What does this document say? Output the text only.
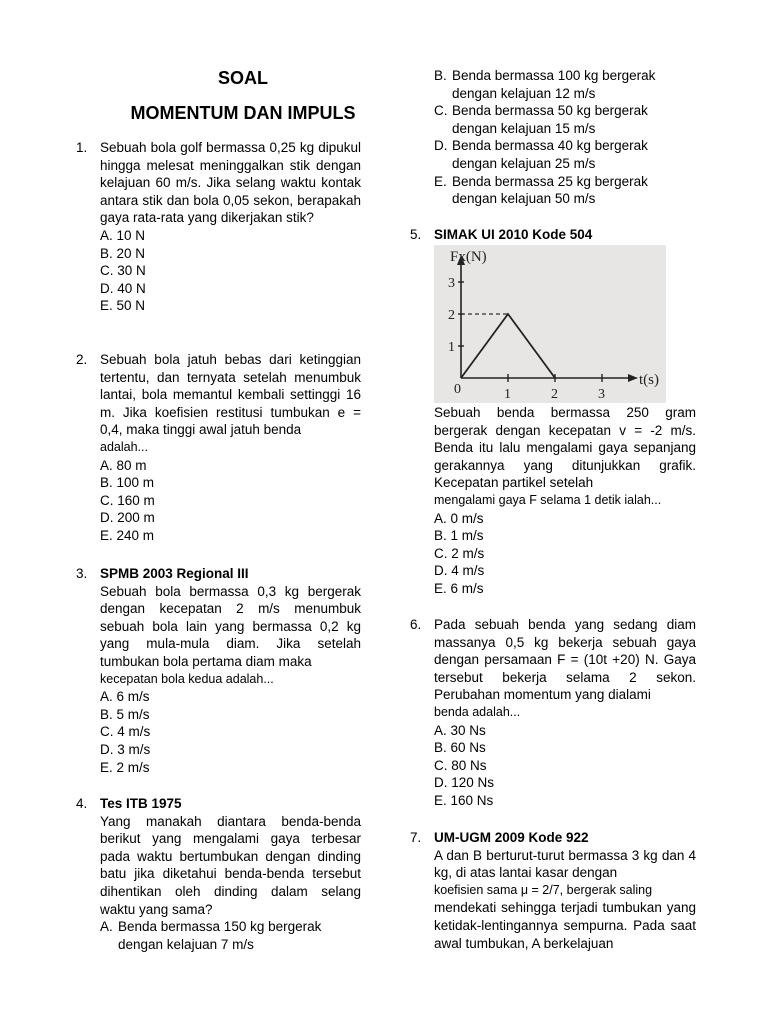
SOAL
MOMENTUM DAN IMPULS
1. Sebuah bola golf bermassa 0,25 kg dipukul hingga melesat meninggalkan stik dengan kelajuan 60 m/s. Jika selang waktu kontak antara stik dan bola 0,05 sekon, berapakah gaya rata-rata yang dikerjakan stik?
A. 10 N
B. 20 N
C. 30 N
D. 40 N
E. 50 N
2. Sebuah bola jatuh bebas dari ketinggian tertentu, dan ternyata setelah menumbuk lantai, bola memantul kembali settinggi 16 m. Jika koefisien restitusi tumbukan e = 0,4, maka tinggi awal jatuh benda
adalah...
A. 80 m
B. 100 m
C. 160 m
D. 200 m
E. 240 m
3. SPMB 2003 Regional III
Sebuah bola bermassa 0,3 kg bergerak dengan kecepatan 2 m/s menumbuk sebuah bola lain yang bermassa 0,2 kg yang mula-mula diam. Jika setelah tumbukan bola pertama diam maka
kecepatan bola kedua adalah...
A. 6 m/s
B. 5 m/s
C. 4 m/s
D. 3 m/s
E. 2 m/s
4. Tes ITB 1975
Yang manakah diantara benda-benda berikut yang mengalami gaya terbesar pada waktu bertumbukan dengan dinding batu jika diketahui benda-benda tersebut dihentikan oleh dinding dalam selang waktu yang sama?
A. Benda bermassa 150 kg bergerak
dengan kelajuan 7 m/s
B. Benda bermassa 100 kg bergerak
dengan kelajuan 12 m/s
C. Benda bermassa 50 kg bergerak
dengan kelajuan 15 m/s
D. Benda bermassa 40 kg bergerak
dengan kelajuan 25 m/s
E. Benda bermassa 25 kg bergerak
dengan kelajuan 50 m/s
5. SIMAK UI 2010 Kode 504
Fx(N)
t(s)
0
1
2
3
1	2	3
Sebuah benda bermassa 250 gram bergerak dengan kecepatan v = -2 m/s. Benda itu lalu mengalami gaya sepanjang gerakannya yang ditunjukkan grafik. Kecepatan partikel setelah
mengalami gaya F selama 1 detik ialah...
A. 0 m/s
B. 1 m/s
C. 2 m/s
D. 4 m/s
E. 6 m/s
6. Pada sebuah benda yang sedang diam massanya 0,5 kg bekerja sebuah gaya dengan persamaan F = (10t +20) N. Gaya tersebut bekerja selama 2 sekon. Perubahan momentum yang dialami
benda adalah...
A. 30 Ns
B. 60 Ns
C. 80 Ns
D. 120 Ns
E. 160 Ns
7. UM-UGM 2009 Kode 922
A dan B berturut-turut bermassa 3 kg dan 4 kg, di atas lantai kasar dengan
koefisien sama μ = 2/7, bergerak saling
mendekati sehingga terjadi tumbukan yang ketidak-lentingannya sempurna. Pada saat awal tumbukan, A berkelajuan
